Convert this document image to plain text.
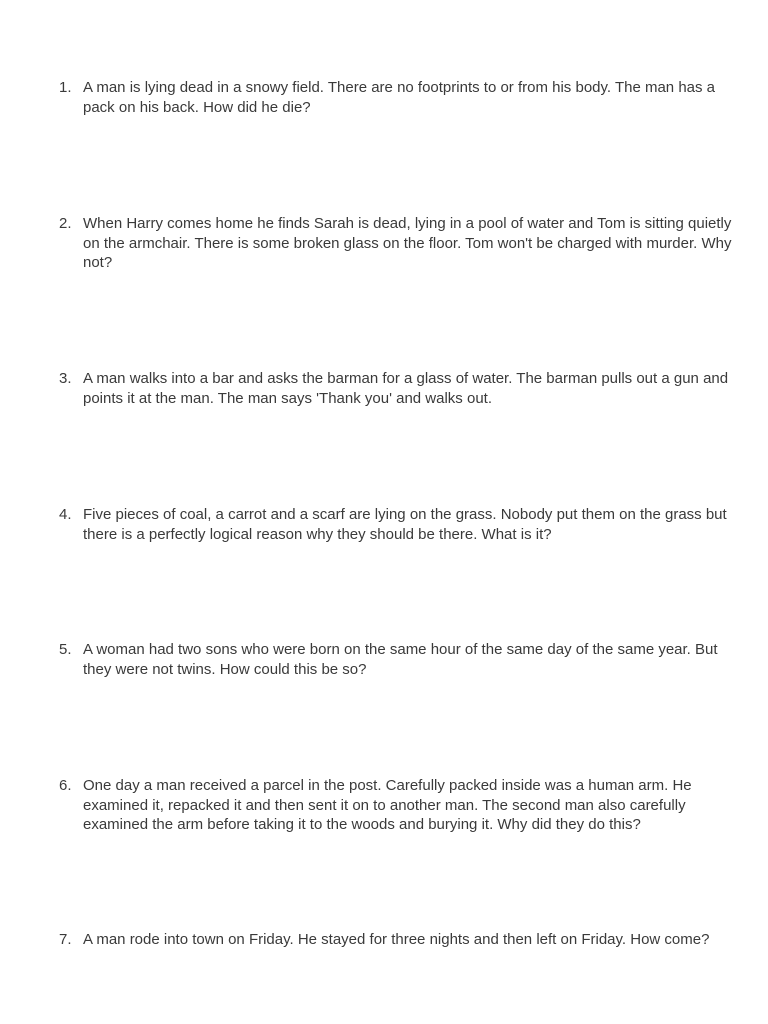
1. A man is lying dead in a snowy field. There are no footprints to or from his body. The man has a pack on his back. How did he die?
2. When Harry comes home he finds Sarah is dead, lying in a pool of water and Tom is sitting quietly on the armchair. There is some broken glass on the floor. Tom won't be charged with murder. Why not?
3. A man walks into a bar and asks the barman for a glass of water. The barman pulls out a gun and points it at the man. The man says 'Thank you' and walks out.
4. Five pieces of coal, a carrot and a scarf are lying on the grass. Nobody put them on the grass but there is a perfectly logical reason why they should be there. What is it?
5. A woman had two sons who were born on the same hour of the same day of the same year. But they were not twins. How could this be so?
6. One day a man received a parcel in the post. Carefully packed inside was a human arm. He examined it, repacked it and then sent it on to another man. The second man also carefully examined the arm before taking it to the woods and burying it. Why did they do this?
7. A man rode into town on Friday. He stayed for three nights and then left on Friday. How come?
